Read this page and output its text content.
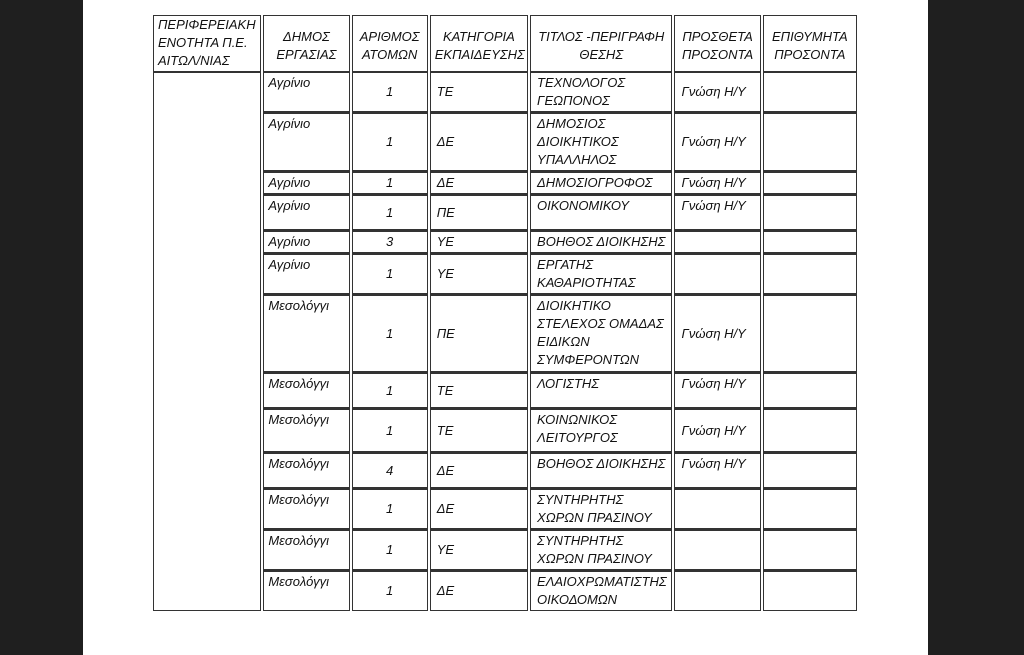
ΠΕΡΙΦΕΡΕΙΑΚΗ ΕΝΟΤΗΤΑ Π.Ε. ΑΙΤΩΛ/ΝΙΑΣ	ΔΗΜΟΣ ΕΡΓΑΣΙΑΣ	ΑΡΙΘΜΟΣ ΑΤΟΜΩΝ	ΚΑΤΗΓΟΡΙΑ ΕΚΠΑΙΔΕΥΣΗΣ	ΤΙΤΛΟΣ -ΠΕΡΙΓΡΑΦΗ ΘΕΣΗΣ	ΠΡΟΣΘΕΤΑ ΠΡΟΣΟΝΤΑ	ΕΠΙΘΥΜΗΤΑ ΠΡΟΣΟΝΤΑ
	Αγρίνιο	1	ΤΕ	ΤΕΧΝΟΛΟΓΟΣ ΓΕΩΠΟΝΟΣ	Γνώση Η/Υ	
	Αγρίνιο	1	ΔΕ	ΔΗΜΟΣΙΟΣ ΔΙΟΙΚΗΤΙΚΟΣ ΥΠΑΛΛΗΛΟΣ	Γνώση Η/Υ	
	Αγρίνιο	1	ΔΕ	ΔΗΜΟΣΙΟΓΡΟΦΟΣ	Γνώση Η/Υ	
	Αγρίνιο	1	ΠΕ	ΟΙΚΟΝΟΜΙΚΟΥ	Γνώση Η/Υ	
	Αγρίνιο	3	ΥΕ	ΒΟΗΘΟΣ ΔΙΟΙΚΗΣΗΣ		
	Αγρίνιο	1	ΥΕ	ΕΡΓΑΤΗΣ ΚΑΘΑΡΙΟΤΗΤΑΣ		
	Μεσολόγγι	1	ΠΕ	ΔΙΟΙΚΗΤΙΚΟ ΣΤΕΛΕΧΟΣ ΟΜΑΔΑΣ ΕΙΔΙΚΩΝ ΣΥΜΦΕΡΟΝΤΩΝ	Γνώση Η/Υ	
	Μεσολόγγι	1	ΤΕ	ΛΟΓΙΣΤΗΣ	Γνώση Η/Υ	
	Μεσολόγγι	1	ΤΕ	ΚΟΙΝΩΝΙΚΟΣ ΛΕΙΤΟΥΡΓΟΣ	Γνώση Η/Υ	
	Μεσολόγγι	4	ΔΕ	ΒΟΗΘΟΣ ΔΙΟΙΚΗΣΗΣ	Γνώση Η/Υ	
	Μεσολόγγι	1	ΔΕ	ΣΥΝΤΗΡΗΤΗΣ ΧΩΡΩΝ ΠΡΑΣΙΝΟΥ		
	Μεσολόγγι	1	ΥΕ	ΣΥΝΤΗΡΗΤΗΣ ΧΩΡΩΝ ΠΡΑΣΙΝΟΥ		
	Μεσολόγγι	1	ΔΕ	ΕΛΑΙΟΧΡΩΜΑΤΙΣΤΗΣ ΟΙΚΟΔΟΜΩΝ		
